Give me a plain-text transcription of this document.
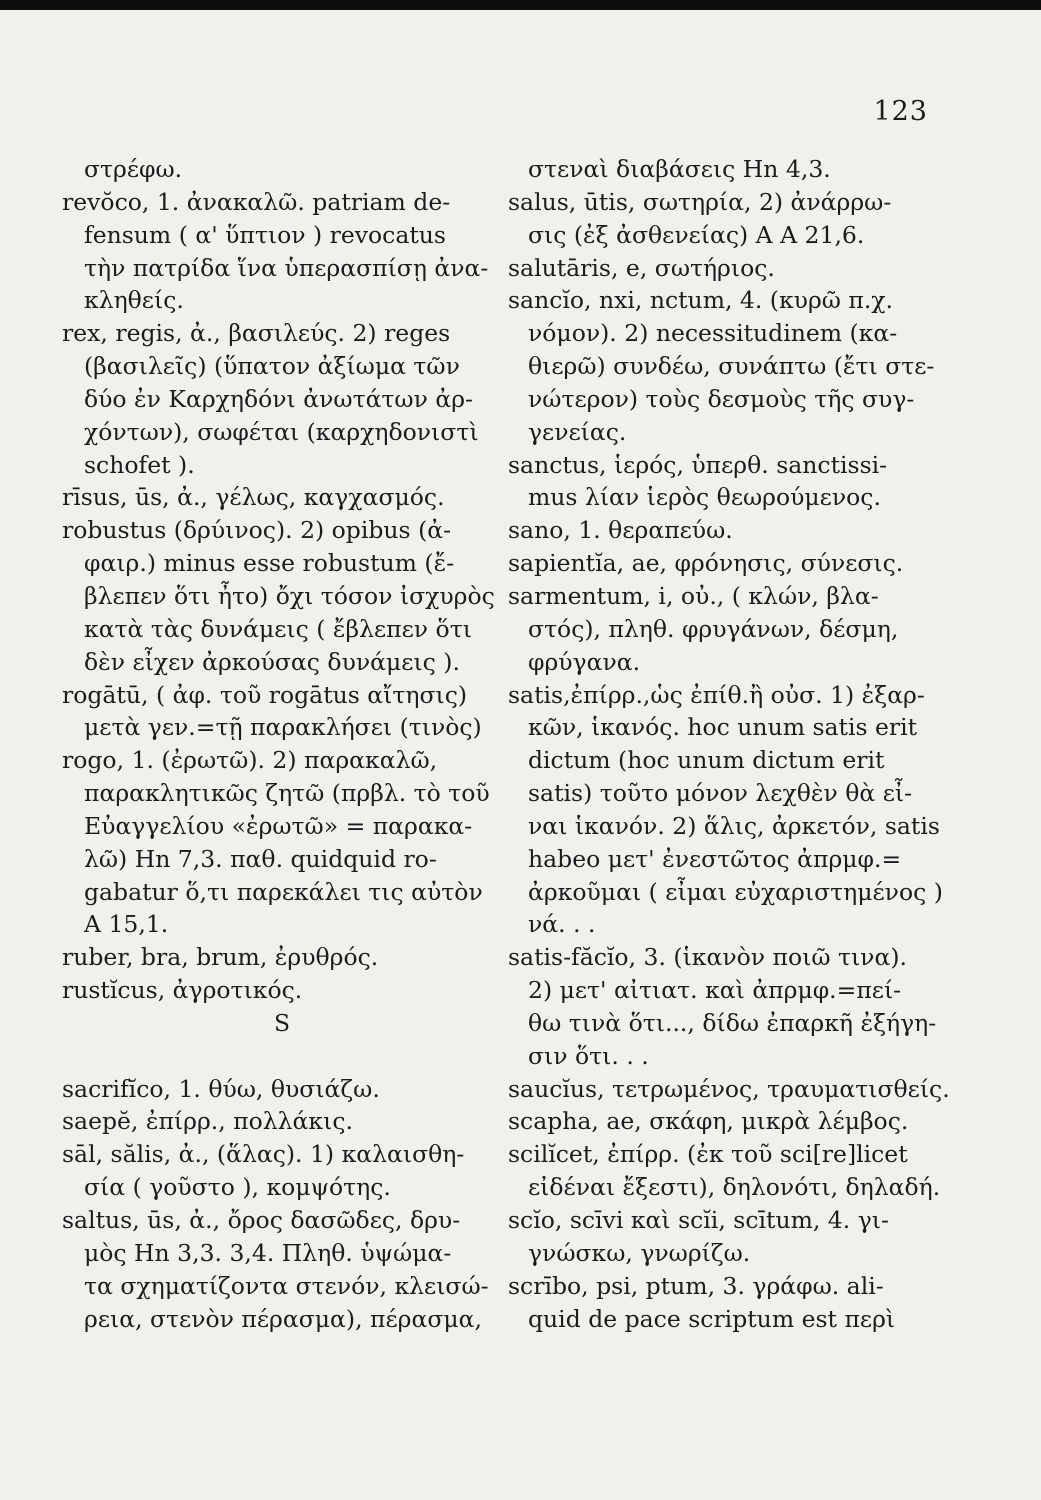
123
στρέφω.
revŏco, 1. ἀνακαλῶ. patriam de-
fensum ( α' ὕπτιον ) revocatus
τὴν πατρίδα ἵνα ὑπερασπίσῃ ἀνα-
κληθείς.
rex, regis, ἀ., βασιλεύς. 2) reges
(βασιλεῖς) (ὕπατον ἀξίωμα τῶν
δύο ἐν Καρχηδόνι ἀνωτάτων ἀρ-
χόντων), σωφέται (καρχηδονιστὶ
schofet ).
rīsus, ūs, ἀ., γέλως, καγχασμός.
robustus (δρύινος). 2) opibus (ἀ-
φαιρ.) minus esse robustum (ἔ-
βλεπεν ὅτι ἦτο) ὄχι τόσον ἰσχυρὸς
κατὰ τὰς δυνάμεις ( ἔβλεπεν ὅτι
δὲν εἶχεν ἀρκούσας δυνάμεις ).
rogātū, ( ἀφ. τοῦ rogātus αἴτησις)
μετὰ γεν.=τῇ παρακλήσει (τινὸς)
rogo, 1. (ἐρωτῶ). 2) παρακαλῶ,
παρακλητικῶς ζητῶ (πρβλ. τὸ τοῦ
Εὐαγγελίου «ἐρωτῶ» = παρακα-
λῶ) Ηn 7,3. παθ. quidquid ro-
gabatur ὅ,τι παρεκάλει τις αὐτὸν
A 15,1.
ruber, bra, brum, ἐρυθρός.
rustĭcus, ἀγροτικός.
S
sacrifĭco, 1. θύω, θυσιάζω.
saepĕ, ἐπίρρ., πολλάκις.
sāl, sălis, ἀ., (ἅλας). 1) καλαισθη-
σία ( γοῦστο ), κομψότης.
saltus, ūs, ἀ., ὄρος δασῶδες, δρυ-
μὸς Ηn 3,3. 3,4. Πληθ. ὑψώμα-
τα σχηματίζοντα στενόν, κλεισώ-
ρεια, στενὸν πέρασμα), πέρασμα,
στεναὶ διαβάσεις Ηn 4,3.
salus, ūtis, σωτηρία, 2) ἀνάρρω-
σις (ἐξ ἀσθενείας) A A 21,6.
salutāris, e, σωτήριος.
sancĭo, nxi, nctum, 4. (κυρῶ π.χ.
νόμον). 2) necessitudinem (κα-
θιερῶ) συνδέω, συνάπτω (ἔτι στε-
νώτερον) τοὺς δεσμοὺς τῆς συγ-
γενείας.
sanctus, ἱερός, ὑπερθ. sanctissi-
mus λίαν ἱερὸς θεωρούμενος.
sano, 1. θεραπεύω.
sapientĭa, ae, φρόνησις, σύνεσις.
sarmentum, i, οὐ., ( κλών, βλα-
στός), πληθ. φρυγάνων, δέσμη,
φρύγανα.
satis,ἐπίρρ.,ὡς ἐπίθ.ἢ οὐσ. 1) ἐξαρ-
κῶν, ἱκανός. hoc unum satis erit
dictum (hoc unum dictum erit
satis) τοῦτο μόνον λεχθὲν θὰ εἶ-
ναι ἱκανόν. 2) ἅλις, ἀρκετόν, satis
habeo μετ' ἐνεστῶτος ἀπρμφ.=
ἀρκοῦμαι ( εἶμαι εὐχαριστημένος )
νά. . .
satis-făcĭo, 3. (ἱκανὸν ποιῶ τινα).
2) μετ' αἰτιατ. καὶ ἀπρμφ.=πεί-
θω τινὰ ὅτι..., δίδω ἐπαρκῆ ἐξήγη-
σιν ὅτι. . .
saucĭus, τετρωμένος, τραυματισθείς.
scapha, ae, σκάφη, μικρὰ λέμβος.
scilĭcet, ἐπίρρ. (ἐκ τοῦ sci[re]licet
εἰδέναι ἔξεστι), δηλονότι, δηλαδή.
scĭo, scīvi καὶ scĭi, scītum, 4. γι-
γνώσκω, γνωρίζω.
scrībo, psi, ptum, 3. γράφω. ali-
quid de pace scriptum est περὶ
